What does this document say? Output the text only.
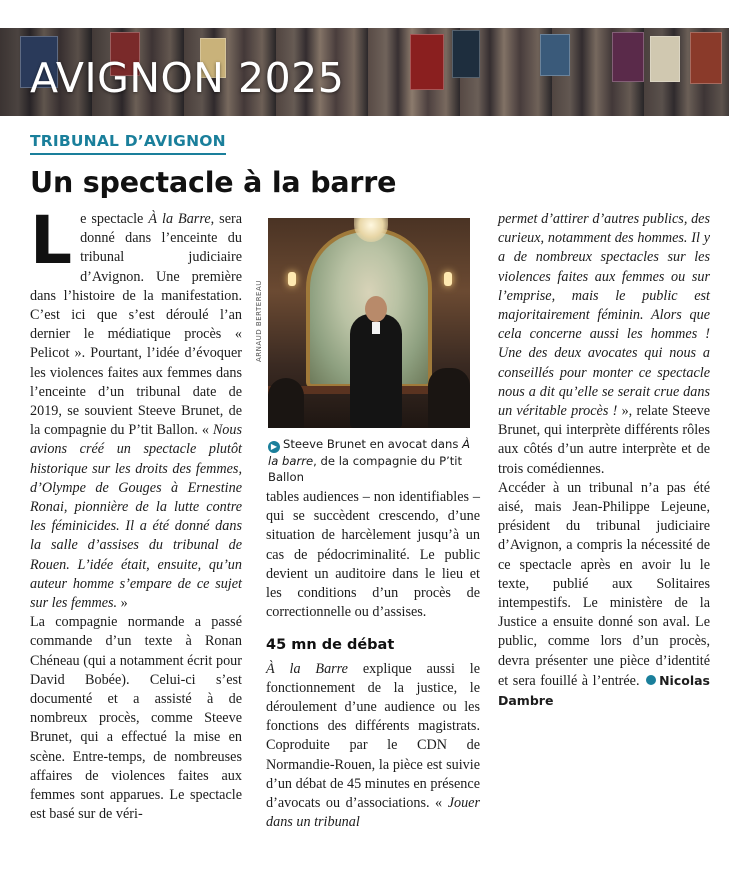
AVIGNON 2025
TRIBUNAL D’AVIGNON
Un spectacle à la barre

Le spectacle À la Barre, sera donné dans l’enceinte du tribunal judiciaire d’Avignon. Une première dans l’histoire de la manifestation. C’est ici que s’est déroulé l’an dernier le médiatique procès « Pelicot ». Pourtant, l’idée d’évoquer les violences faites aux femmes dans l’enceinte d’un tribunal date de 2019, se souvient Steeve Brunet, de la compagnie du P’tit Ballon. « Nous avions créé un spectacle plutôt historique sur les droits des femmes, d’Olympe de Gouges à Ernestine Ronai, pionnière de la lutte contre les féminicides. Il a été donné dans la salle d’assises du tribunal de Rouen. L’idée était, ensuite, qu’un auteur homme s’empare de ce sujet sur les femmes. »

La compagnie normande a passé commande d’un texte à Ronan Chéneau (qui a notamment écrit pour David Bobée). Celui-ci s’est documenté et a assisté à de nombreux procès, comme Steeve Brunet, qui a effectué la mise en scène. Entre-temps, de nombreuses affaires de violences faites aux femmes sont apparues. Le spectacle est basé sur de véri-

ARNAUD BERTEREAU
▶ Steeve Brunet en avocat dans À la barre, de la compagnie du P’tit Ballon

tables audiences – non identifiables – qui se succèdent crescendo, d’une situation de harcèlement jusqu’à un cas de pédocriminalité. Le public devient un auditoire dans le lieu et les conditions d’un procès de correctionnelle ou d’assises.

45 mn de débat

À la Barre explique aussi le fonctionnement de la justice, le déroulement d’une audience ou les fonctions des différents magistrats. Coproduite par le CDN de Normandie-Rouen, la pièce est suivie d’un débat de 45 minutes en présence d’avocats ou d’associations. « Jouer dans un tribunal

permet d’attirer d’autres publics, des curieux, notamment des hommes. Il y a de nombreux spectacles sur les violences faites aux femmes ou sur l’emprise, mais le public est majoritairement féminin. Alors que cela concerne aussi les hommes ! Une des deux avocates qui nous a conseillés pour monter ce spectacle nous a dit qu’elle se serait crue dans un véritable procès ! », relate Steeve Brunet, qui interprète différents rôles aux côtés d’un autre interprète et de trois comédiennes.

Accéder à un tribunal n’a pas été aisé, mais Jean-Philippe Lejeune, président du tribunal judiciaire d’Avignon, a compris la nécessité de ce spectacle après en avoir lu le texte, publié aux Solitaires intempestifs. Le ministère de la Justice a ensuite donné son aval. Le public, comme lors d’un procès, devra présenter une pièce d’identité et sera fouillé à l’entrée. Nicolas Dambre
